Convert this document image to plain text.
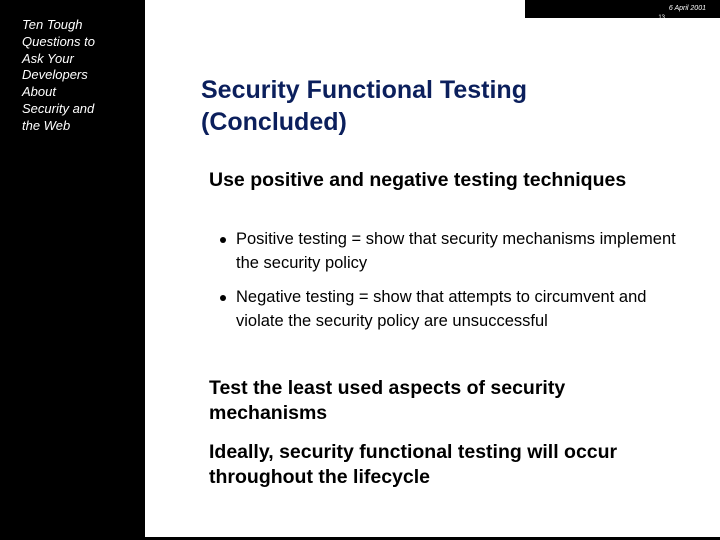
Ten Tough
Questions to
Ask Your
Developers
About
Security and
the Web
6 April 2001
13
Security Functional Testing (Concluded)
Use positive and negative testing techniques
Positive testing = show that security mechanisms implement the security policy
Negative testing = show that attempts to circumvent and violate the security policy are unsuccessful
Test the least used aspects of security mechanisms
Ideally, security functional testing will occur throughout the lifecycle
